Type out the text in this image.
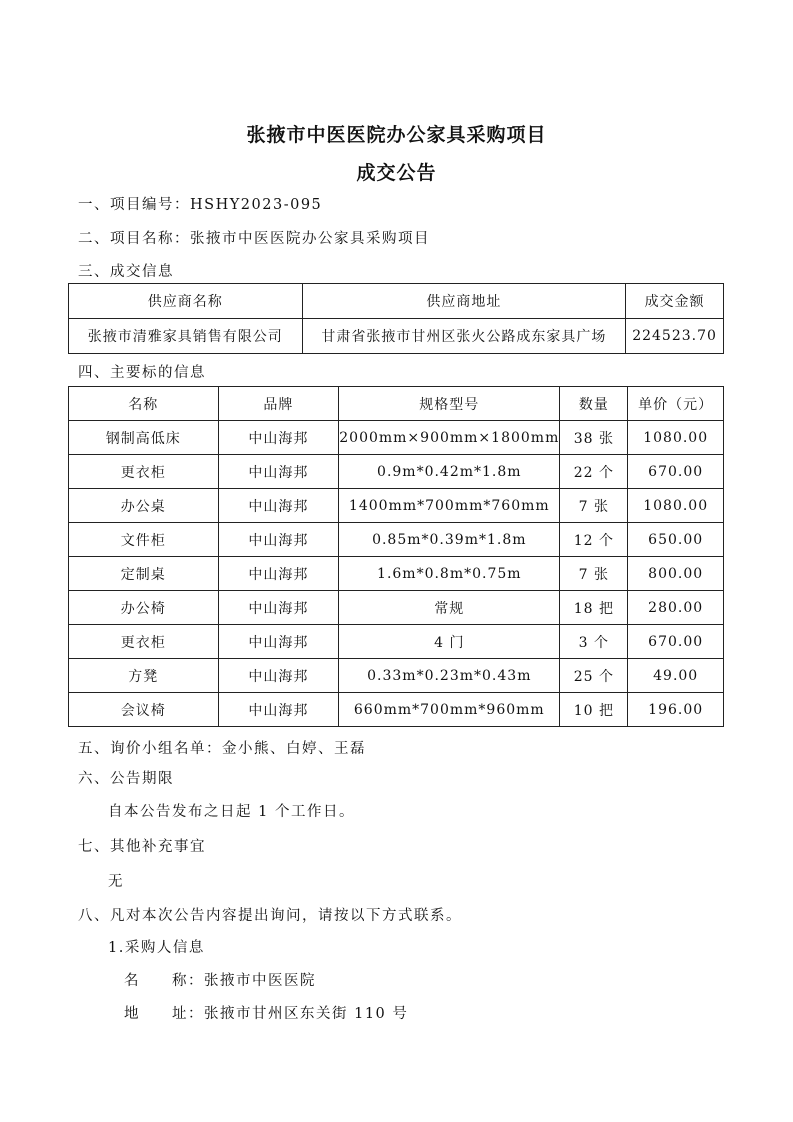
张掖市中医医院办公家具采购项目
成交公告
一、项目编号：HSHY2023-095
二、项目名称：张掖市中医医院办公家具采购项目
三、成交信息
供应商名称	供应商地址	成交金额
张掖市清雅家具销售有限公司	甘肃省张掖市甘州区张火公路成东家具广场	224523.70
四、主要标的信息
名称	品牌	规格型号	数量	单价（元）
钢制高低床	中山海邦	2000mm×900mm×1800mm	38 张	1080.00
更衣柜	中山海邦	0.9m*0.42m*1.8m	22 个	670.00
办公桌	中山海邦	1400mm*700mm*760mm	7 张	1080.00
文件柜	中山海邦	0.85m*0.39m*1.8m	12 个	650.00
定制桌	中山海邦	1.6m*0.8m*0.75m	7 张	800.00
办公椅	中山海邦	常规	18 把	280.00
更衣柜	中山海邦	4 门	3 个	670.00
方凳	中山海邦	0.33m*0.23m*0.43m	25 个	49.00
会议椅	中山海邦	660mm*700mm*960mm	10 把	196.00
五、询价小组名单：金小熊、白婷、王磊
六、公告期限
自本公告发布之日起 1 个工作日。
七、其他补充事宜
无
八、凡对本次公告内容提出询问，请按以下方式联系。
1.采购人信息
名　　称：张掖市中医医院
地　　址：张掖市甘州区东关街 110 号
